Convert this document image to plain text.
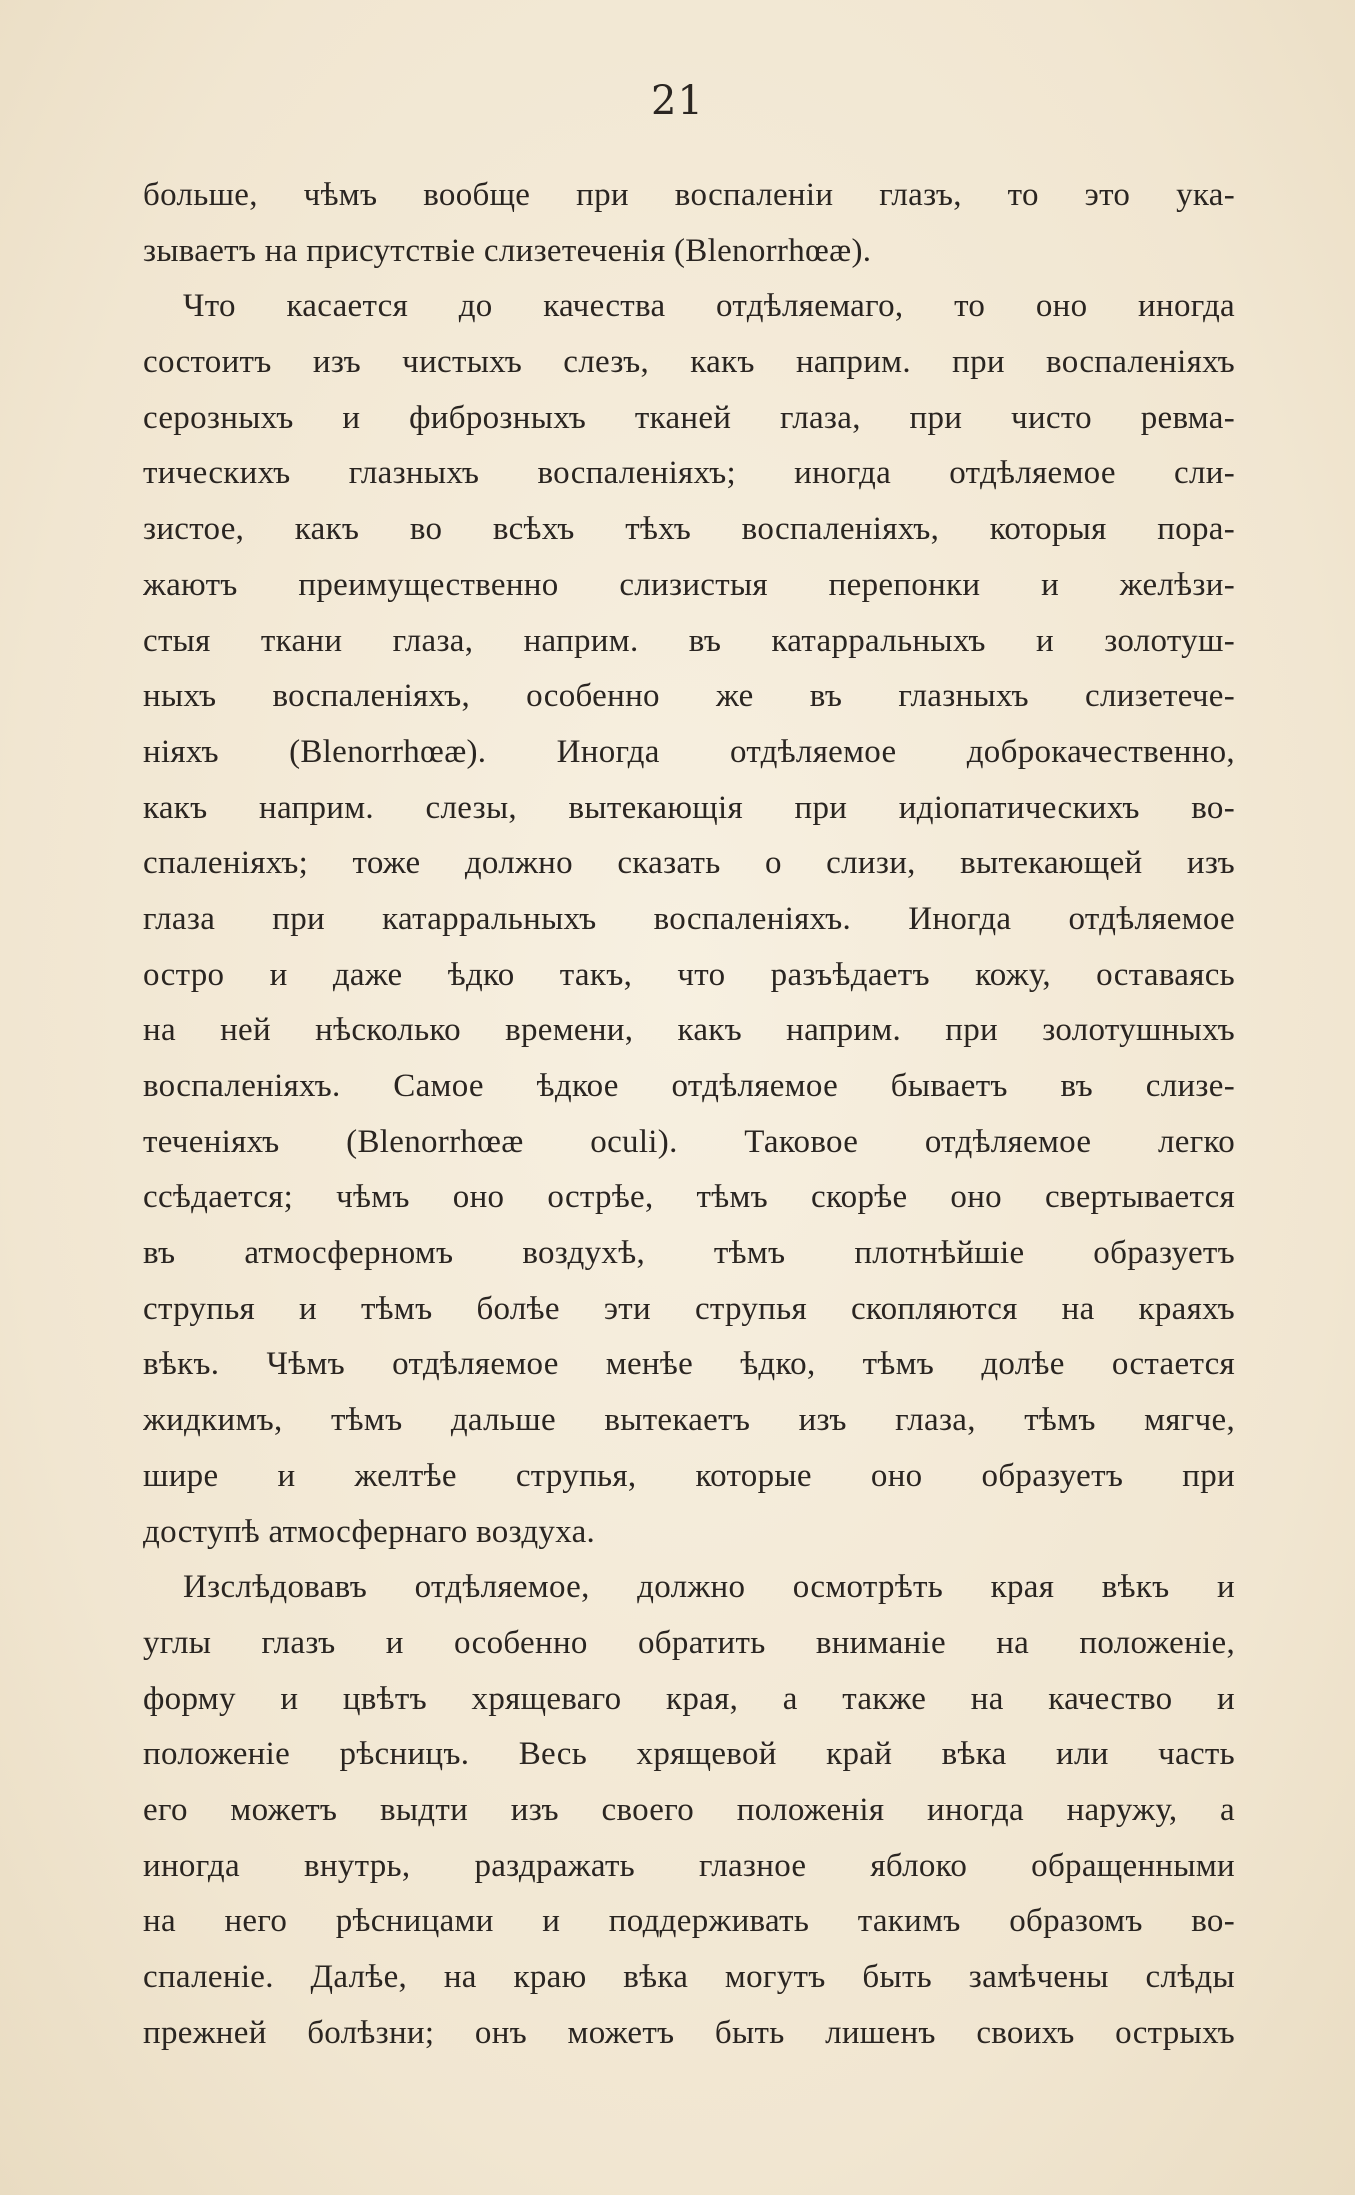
21
больше, чѣмъ вообще при воспаленіи глазъ, то это ука-
зываетъ на присутствіе слизетеченія (Blenorrhœæ).
Что касается до качества отдѣляемаго, то оно иногда
состоитъ изъ чистыхъ слезъ, какъ наприм. при воспаленіяхъ
серозныхъ и фиброзныхъ тканей глаза, при чисто ревма-
тическихъ глазныхъ воспаленіяхъ; иногда отдѣляемое сли-
зистое, какъ во всѣхъ тѣхъ воспаленіяхъ, которыя пора-
жаютъ преимущественно слизистыя перепонки и желѣзи-
стыя ткани глаза, наприм. въ катарральныхъ и золотуш-
ныхъ воспаленіяхъ, особенно же въ глазныхъ слизетече-
ніяхъ (Blenorrhœæ). Иногда отдѣляемое доброкачественно,
какъ наприм. слезы, вытекающія при идіопатическихъ во-
спаленіяхъ; тоже должно сказать о слизи, вытекающей изъ
глаза при катарральныхъ воспаленіяхъ. Иногда отдѣляемое
остро и даже ѣдко такъ, что разъѣдаетъ кожу, оставаясь
на ней нѣсколько времени, какъ наприм. при золотушныхъ
воспаленіяхъ. Самое ѣдкое отдѣляемое бываетъ въ слизе-
теченіяхъ (Blenorrhœæ oculi). Таковое отдѣляемое легко
ссѣдается; чѣмъ оно острѣе, тѣмъ скорѣе оно свертывается
въ атмосферномъ воздухѣ, тѣмъ плотнѣйшіе образуетъ
струпья и тѣмъ болѣе эти струпья скопляются на краяхъ
вѣкъ. Чѣмъ отдѣляемое менѣе ѣдко, тѣмъ долѣе остается
жидкимъ, тѣмъ дальше вытекаетъ изъ глаза, тѣмъ мягче,
шире и желтѣе струпья, которые оно образуетъ при
доступѣ атмосфернаго воздуха.
Изслѣдовавъ отдѣляемое, должно осмотрѣть края вѣкъ и
углы глазъ и особенно обратить вниманіе на положеніе,
форму и цвѣтъ хрящеваго края, а также на качество и
положеніе рѣсницъ. Весь хрящевой край вѣка или часть
его можетъ выдти изъ своего положенія иногда наружу, а
иногда внутрь, раздражать глазное яблоко обращенными
на него рѣсницами и поддерживать такимъ образомъ во-
спаленіе. Далѣе, на краю вѣка могутъ быть замѣчены слѣды
прежней болѣзни; онъ можетъ быть лишенъ своихъ острыхъ
